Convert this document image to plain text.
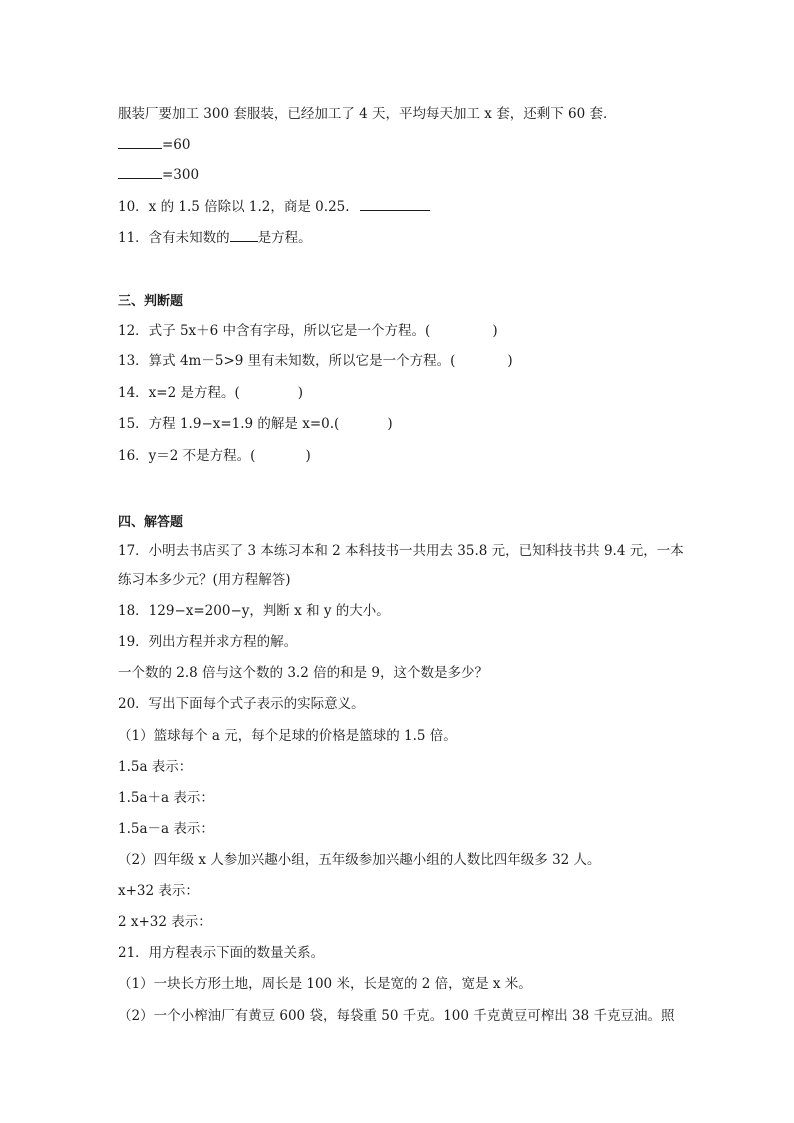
服装厂要加工 300 套服装，已经加工了 4 天，平均每天加工 x 套，还剩下 60 套．
=60
=300
10．x 的 1.5 倍除以 1.2，商是 0.25.
11．含有未知数的 是方程。
三、判断题
12．式子 5x＋6 中含有字母，所以它是一个方程。(	)
13．算式 4m－5>9 里有未知数，所以它是一个方程。(	)
14．x=2 是方程。(	)
15．方程 1.9−x=1.9 的解是 x=0.(	)
16．y＝2 不是方程。(	)
四、解答题
17．小明去书店买了 3 本练习本和 2 本科技书一共用去 35.8 元，已知科技书共 9.4 元，一本
练习本多少元？(用方程解答)
18．129−x=200−y，判断 x 和 y 的大小。
19．列出方程并求方程的解。
一个数的 2.8 倍与这个数的 3.2 倍的和是 9，这个数是多少？
20．写出下面每个式子表示的实际意义。
（1）篮球每个 a 元，每个足球的价格是篮球的 1.5 倍。
1.5a 表示：
1.5a＋a 表示：
1.5a－a 表示：
（2）四年级 x 人参加兴趣小组，五年级参加兴趣小组的人数比四年级多 32 人。
x+32 表示：
2 x+32 表示：
21．用方程表示下面的数量关系。
（1）一块长方形土地，周长是 100 米，长是宽的 2 倍，宽是 x 米。
（2）一个小榨油厂有黄豆 600 袋，每袋重 50 千克。100 千克黄豆可榨出 38 千克豆油。照
